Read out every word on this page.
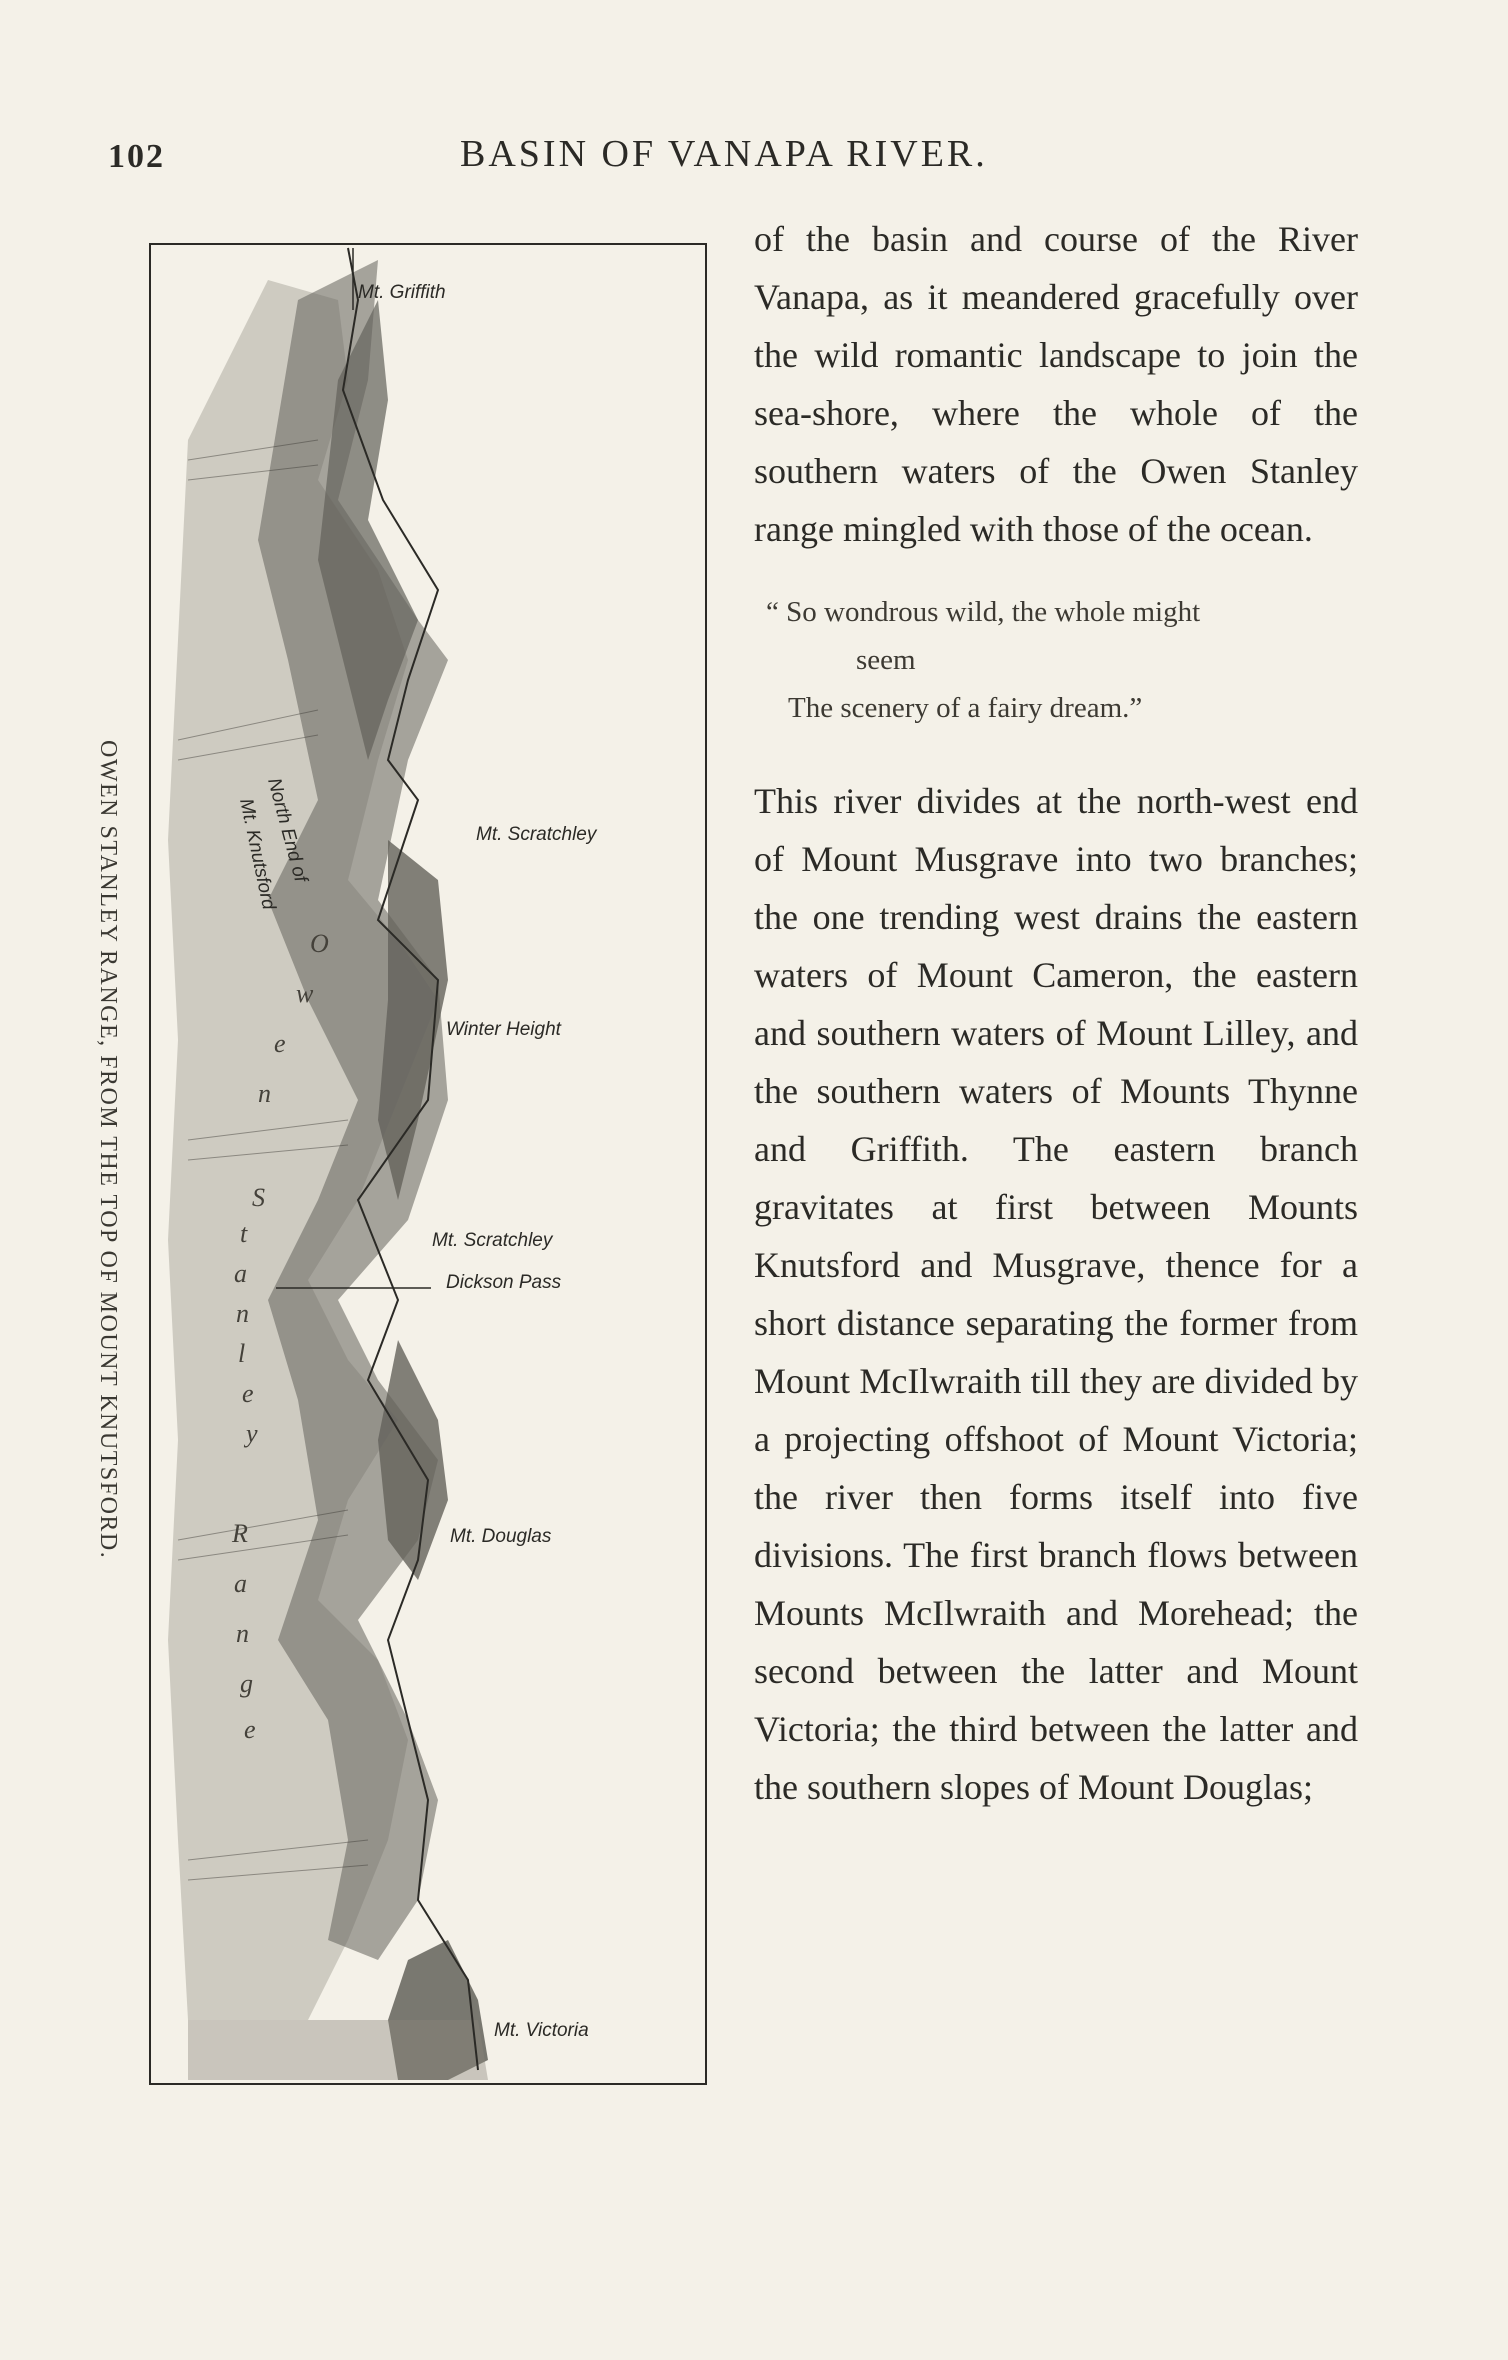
102	BASIN OF VANAPA RIVER.
OWEN STANLEY RANGE, FROM THE TOP OF MOUNT KNUTSFORD.
Mt. Griffith
Mt. Scratchley
Winter Height
Mt. Scratchley
Dickson Pass
Mt. Douglas
Mt. Victoria
North End of
Mt. Knutsford
O
w
e
n
S
t
a
n
l
e
y
R
a
n
g
e

of the basin and course of the River Vanapa, as it meandered gracefully over the wild romantic landscape to join the sea-shore, where the whole of the southern waters of the Owen Stanley range mingled with those of the ocean.

“ So wondrous wild, the whole might
seem
The scenery of a fairy dream.”

This river divides at the north-west end of Mount Musgrave into two branches; the one trending west drains the eastern waters of Mount Cameron, the eastern and southern waters of Mount Lilley, and the southern waters of Mounts Thynne and Griffith. The eastern branch gravitates at first between Mounts Knutsford and Musgrave, thence for a short distance separating the former from Mount McIlwraith till they are divided by a projecting offshoot of Mount Victoria; the river then forms itself into five divisions. The first branch flows between Mounts McIlwraith and Morehead; the second between the latter and Mount Victoria; the third between the latter and the southern slopes of Mount Douglas;
